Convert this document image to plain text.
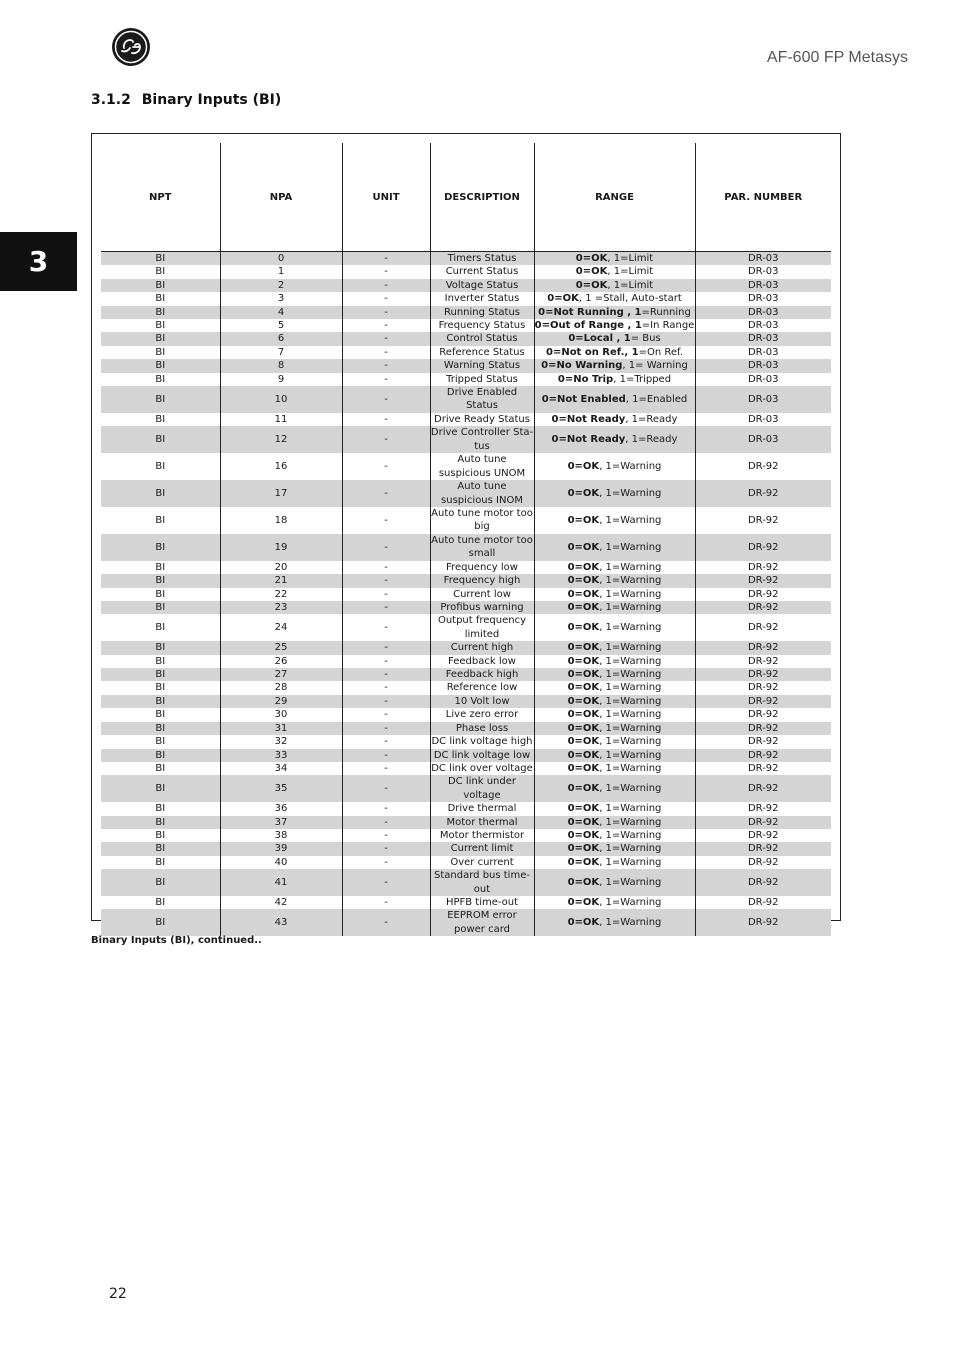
AF-600 FP Metasys
3.1.2 Binary Inputs (BI)
3
NPT	NPA	UNIT	DESCRIPTION	RANGE	PAR. NUMBER
BI	0	-	Timers Status	0=OK, 1=Limit	DR-03
BI	1	-	Current Status	0=OK, 1=Limit	DR-03
BI	2	-	Voltage Status	0=OK, 1=Limit	DR-03
BI	3	-	Inverter Status	0=OK, 1 =Stall, Auto-start	DR-03
BI	4	-	Running Status	0=Not Running , 1=Running	DR-03
BI	5	-	Frequency Status	0=Out of Range , 1=In Range	DR-03
BI	6	-	Control Status	0=Local , 1= Bus	DR-03
BI	7	-	Reference Status	0=Not on Ref., 1=On Ref.	DR-03
BI	8	-	Warning Status	0=No Warning, 1= Warning	DR-03
BI	9	-	Tripped Status	0=No Trip, 1=Tripped	DR-03
BI	10	-	Drive Enabled Status	0=Not Enabled, 1=Enabled	DR-03
BI	11	-	Drive Ready Status	0=Not Ready, 1=Ready	DR-03
BI	12	-	Drive Controller Sta-tus	0=Not Ready, 1=Ready	DR-03
BI	16	-	Auto tune suspicious UNOM	0=OK, 1=Warning	DR-92
BI	17	-	Auto tune suspicious INOM	0=OK, 1=Warning	DR-92
BI	18	-	Auto tune motor too big	0=OK, 1=Warning	DR-92
BI	19	-	Auto tune motor too small	0=OK, 1=Warning	DR-92
BI	20	-	Frequency low	0=OK, 1=Warning	DR-92
BI	21	-	Frequency high	0=OK, 1=Warning	DR-92
BI	22	-	Current low	0=OK, 1=Warning	DR-92
BI	23	-	Profibus warning	0=OK, 1=Warning	DR-92
BI	24	-	Output frequency limited	0=OK, 1=Warning	DR-92
BI	25	-	Current high	0=OK, 1=Warning	DR-92
BI	26	-	Feedback low	0=OK, 1=Warning	DR-92
BI	27	-	Feedback high	0=OK, 1=Warning	DR-92
BI	28	-	Reference low	0=OK, 1=Warning	DR-92
BI	29	-	10 Volt low	0=OK, 1=Warning	DR-92
BI	30	-	Live zero error	0=OK, 1=Warning	DR-92
BI	31	-	Phase loss	0=OK, 1=Warning	DR-92
BI	32	-	DC link voltage high	0=OK, 1=Warning	DR-92
BI	33	-	DC link voltage low	0=OK, 1=Warning	DR-92
BI	34	-	DC link over voltage	0=OK, 1=Warning	DR-92
BI	35	-	DC link under voltage	0=OK, 1=Warning	DR-92
BI	36	-	Drive thermal	0=OK, 1=Warning	DR-92
BI	37	-	Motor thermal	0=OK, 1=Warning	DR-92
BI	38	-	Motor thermistor	0=OK, 1=Warning	DR-92
BI	39	-	Current limit	0=OK, 1=Warning	DR-92
BI	40	-	Over current	0=OK, 1=Warning	DR-92
BI	41	-	Standard bus time-out	0=OK, 1=Warning	DR-92
BI	42	-	HPFB time-out	0=OK, 1=Warning	DR-92
BI	43	-	EEPROM error power card	0=OK, 1=Warning	DR-92
Binary Inputs (BI), continued..
22
